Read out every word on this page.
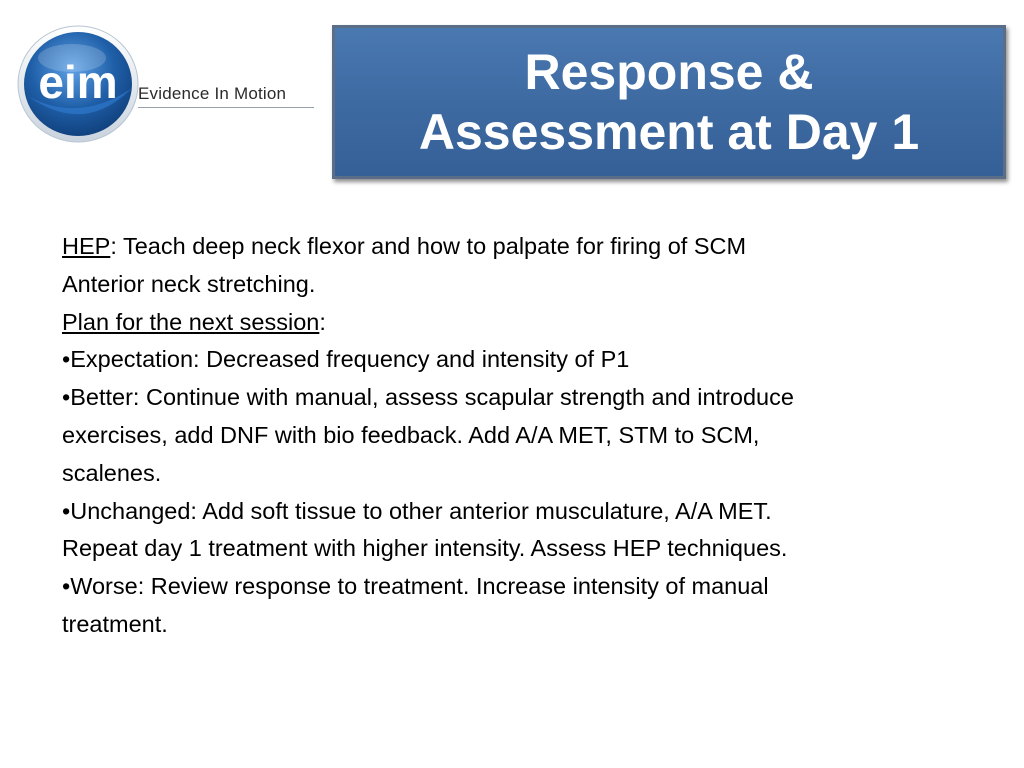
eim Evidence In Motion	Response &
Assessment at Day 1
HEP: Teach deep neck flexor and how to palpate for firing of SCM
Anterior neck stretching.
Plan for the next session:
•Expectation: Decreased frequency and intensity of P1
•Better: Continue with manual, assess scapular strength and introduce
exercises, add DNF with bio feedback. Add A/A MET, STM to SCM,
scalenes.
•Unchanged: Add soft tissue to other anterior musculature, A/A MET.
Repeat day 1 treatment with higher intensity. Assess HEP techniques.
•Worse: Review response to treatment. Increase intensity of manual
treatment.
